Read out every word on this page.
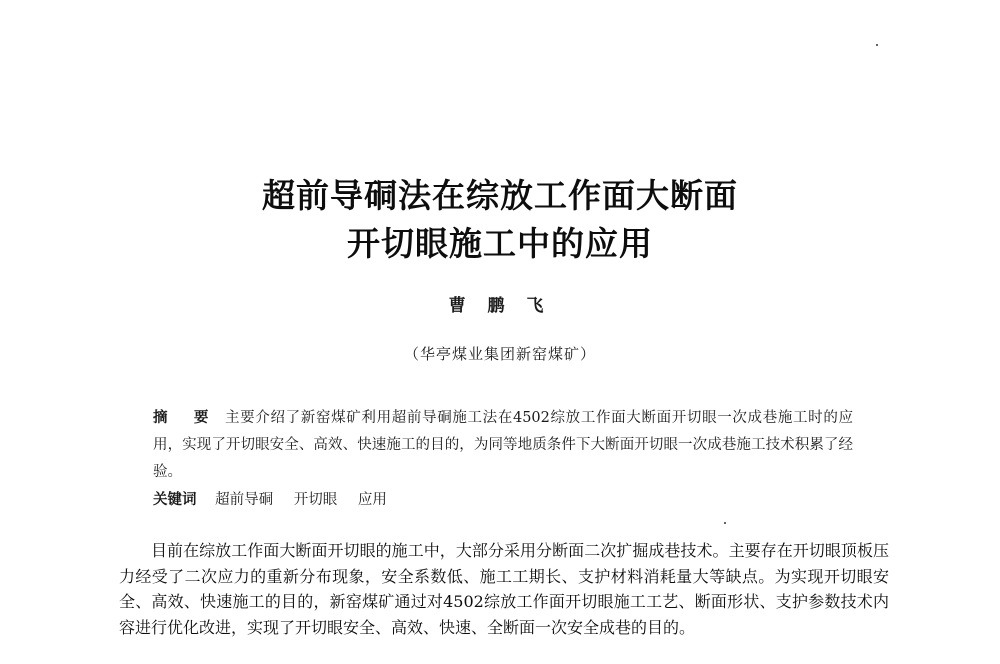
超前导硐法在综放工作面大断面
开切眼施工中的应用
曹 鹏 飞
（华亭煤业集团新窑煤矿）
摘 要 主要介绍了新窑煤矿利用超前导硐施工法在4502综放工作面大断面开切眼一次成巷施工时的应用，实现了开切眼安全、高效、快速施工的目的，为同等地质条件下大断面开切眼一次成巷施工技术积累了经验。
关键词 超前导硐 开切眼 应用
目前在综放工作面大断面开切眼的施工中，大部分采用分断面二次扩掘成巷技术。主要存在开切眼顶板压力经受了二次应力的重新分布现象，安全系数低、施工工期长、支护材料消耗量大等缺点。为实现开切眼安全、高效、快速施工的目的，新窑煤矿通过对4502综放工作面开切眼施工工艺、断面形状、支护参数技术内容进行优化改进，实现了开切眼安全、高效、快速、全断面一次安全成巷的目的。
